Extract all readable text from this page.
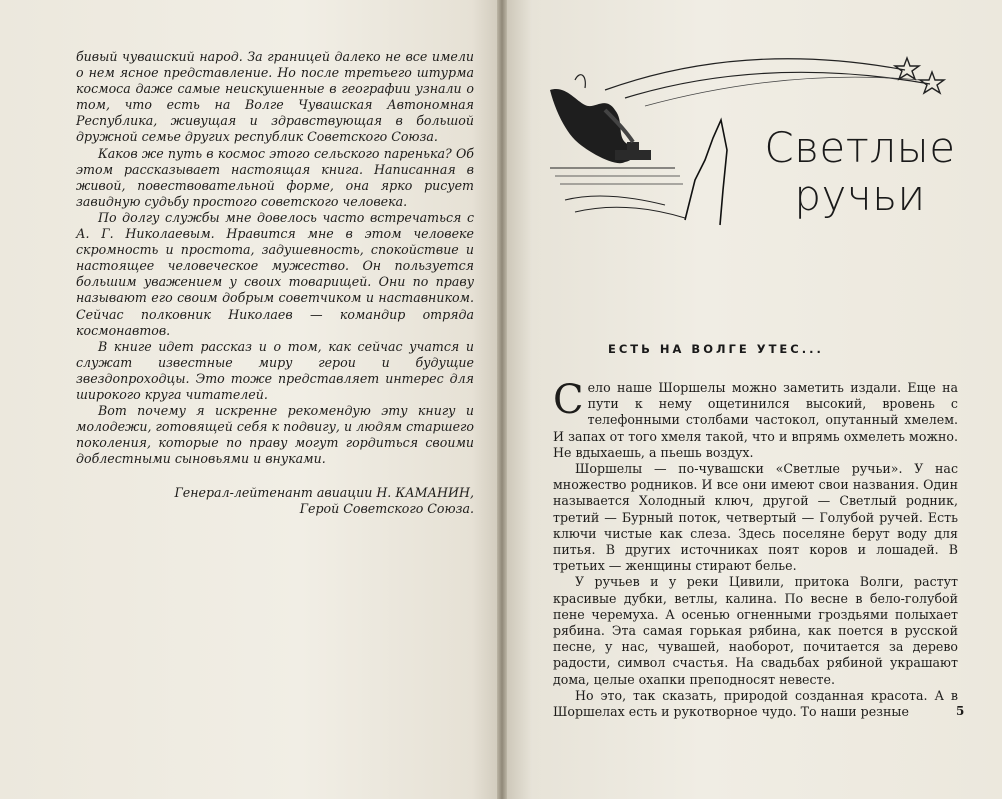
бивый чувашский народ. За границей далеко не все имели о нем ясное представление. Но после третьего штурма космоса даже самые неискушенные в географии узнали о том, что есть на Волге Чувашская Автономная Республика, живущая и здравствующая в большой дружной семье других республик Советского Союза.

Каков же путь в космос этого сельского паренька? Об этом рассказывает настоящая книга. Написанная в живой, повествовательной форме, она ярко рисует завидную судьбу простого советского человека.

По долгу службы мне довелось часто встречаться с А. Г. Николаевым. Нравится мне в этом человеке скромность и простота, задушевность, спокойствие и настоящее человеческое мужество. Он пользуется большим уважением у своих товарищей. Они по праву называют его своим добрым советчиком и наставником. Сейчас полковник Николаев — командир отряда космонавтов.

В книге идет рассказ и о том, как сейчас учатся и служат известные миру герои и будущие звездопроходцы. Это тоже представляет интерес для широкого круга читателей.

Вот почему я искренне рекомендую эту книгу и молодежи, готовящей себя к подвигу, и людям старшего поколения, которые по праву могут гордиться своими доблестными сыновьями и внуками.

Генерал-лейтенант авиации Н. КАМАНИН,
Герой Советского Союза.
Светлые
ручьи
ЕСТЬ НА ВОЛГЕ УТЕС...

Село наше Шоршелы можно заметить издали. Еще на пути к нему ощетинился высокий, вровень с телефонными столбами частокол, опутанный хмелем. И запах от того хмеля такой, что и впрямь охмелеть можно. Не вдыхаешь, а пьешь воздух.

Шоршелы — по-чувашски «Светлые ручьи». У нас множество родников. И все они имеют свои названия. Один называется Холодный ключ, другой — Светлый родник, третий — Бурный поток, четвертый — Голубой ручей. Есть ключи чистые как слеза. Здесь поселяне берут воду для питья. В других источниках поят коров и лошадей. В третьих — женщины стирают белье.

У ручьев и у реки Цивили, притока Волги, растут красивые дубки, ветлы, калина. По весне в бело-голубой пене черемуха. А осенью огненными гроздьями полыхает рябина. Эта самая горькая рябина, как поется в русской песне, у нас, чувашей, наоборот, почитается за дерево радости, символ счастья. На свадьбах рябиной украшают дома, целые охапки преподносят невесте.

Но это, так сказать, природой созданная красота. А в Шоршелах есть и рукотворное чудо. То наши резные	5
